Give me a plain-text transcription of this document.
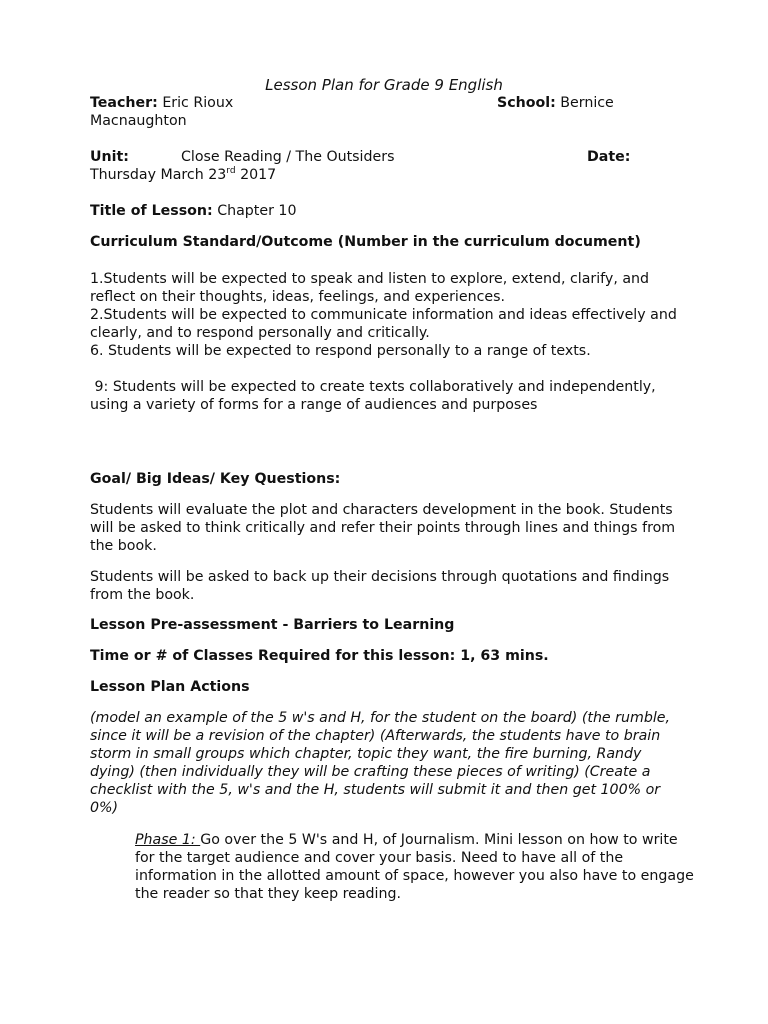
Lesson Plan for Grade 9 English
Teacher: Eric Rioux	School: Bernice
Macnaughton
Unit:	Close Reading / The Outsiders	Date:
Thursday March 23rd 2017
Title of Lesson: Chapter 10
Curriculum Standard/Outcome (Number in the curriculum document)
1.Students will be expected to speak and listen to explore, extend, clarify, and reflect on their thoughts, ideas, feelings, and experiences.
2.Students will be expected to communicate information and ideas effectively and clearly, and to respond personally and critically.
6. Students will be expected to respond personally to a range of texts.
9: Students will be expected to create texts collaboratively and independently, using a variety of forms for a range of audiences and purposes
Goal/ Big Ideas/ Key Questions:
Students will evaluate the plot and characters development in the book. Students will be asked to think critically and refer their points through lines and things from the book.
Students will be asked to back up their decisions through quotations and findings from the book.
Lesson Pre-assessment - Barriers to Learning
Time or # of Classes Required for this lesson: 1, 63 mins.
Lesson Plan Actions
(model an example of the 5 w's and H, for the student on the board) (the rumble, since it will be a revision of the chapter) (Afterwards, the students have to brain storm in small groups which chapter, topic they want, the fire burning, Randy dying) (then individually they will be crafting these pieces of writing) (Create a checklist with the 5, w's and the H, students will submit it and then get 100% or 0%)
Phase 1: Go over the 5 W's and H, of Journalism. Mini lesson on how to write for the target audience and cover your basis. Need to have all of the information in the allotted amount of space, however you also have to engage the reader so that they keep reading.
